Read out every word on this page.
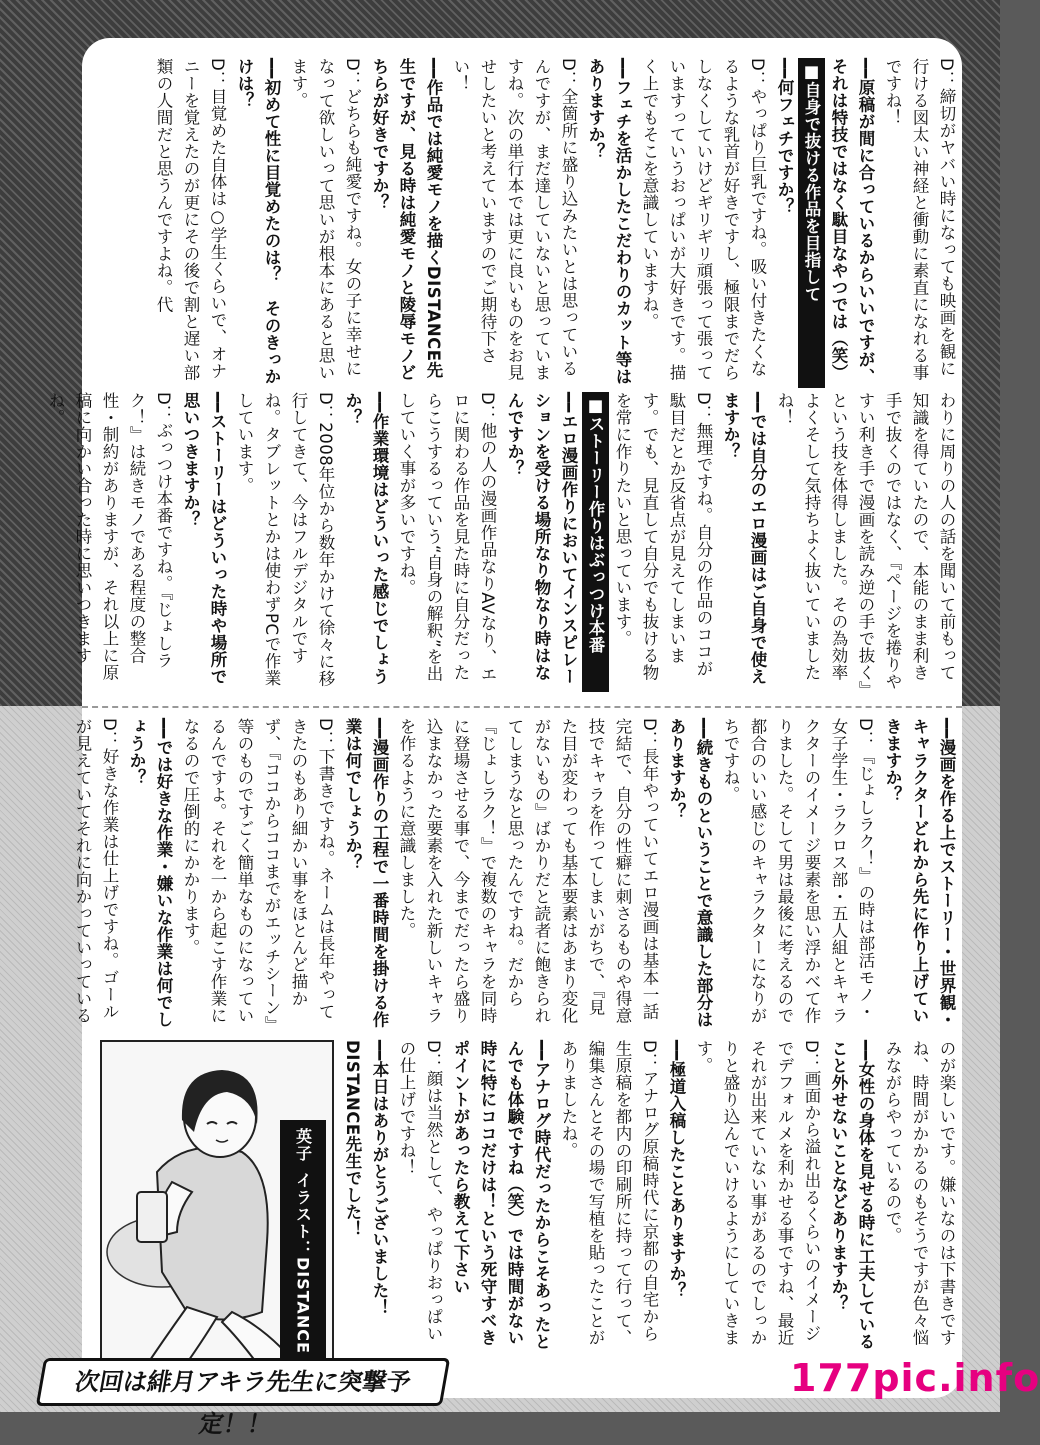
D：締切がヤバい時になっても映画を観に行ける図太い神経と衝動に素直になれる事ですね！

━━原稿が間に合っているからいいですが、それは特技ではなく駄目なやつでは（笑）

■自身で抜ける作品を目指して

━━何フェチですか？

D：やっぱり巨乳ですね。吸い付きたくなるような乳首が好きですし、極限までだらしなくしていけどギリギリ頑張って張っていますっていうおっぱいが大好きです。描く上でもそこを意識していますね。

━━フェチを活かしたこだわりのカット等はありますか？

D：全箇所に盛り込みたいとは思っているんですが、まだ達していないと思っていますね。次の単行本では更に良いものをお見せしたいと考えていますのでご期待下さい！

━━作品では純愛モノを描くDISTANCE先生ですが、見る時は純愛モノと陵辱モノどちらが好きですか？

D：どちらも純愛ですね。女の子に幸せになって欲しいって思いが根本にあると思います。

━━初めて性に目覚めたのは？　そのきっかけは？

D：目覚めた自体は○学生くらいで、オナニーを覚えたのが更にその後で割と遅い部類の人間だと思うんですよね。代

わりに周りの人の話を聞いて前もって知識を得ていたので、本能のまま利き手で抜くのではなく、『ページを捲りやすい利き手で漫画を読み逆の手で抜く』という技を体得しました。その為効率よくそして気持ちよく抜いていましたね！

━━では自分のエロ漫画はご自身で使えますか？

D：無理ですね。自分の作品のココが駄目だとか反省点が見えてしまいます。でも、見直して自分でも抜ける物を常に作りたいと思っています。

■ストーリー作りはぶっつけ本番

━━エロ漫画作りにおいてインスピレーションを受ける場所なり物なり時はなんですか？

D：他の人の漫画作品なりAVなり、エロに関わる作品を見た時に自分だったらこうするっていう“自身の解釈”を出していく事が多いですね。

━━作業環境はどういった感じでしょうか？

D：2008年位から数年かけて徐々に移行してきて、今はフルデジタルですね。タブレットとかは使わずPCで作業しています。

━━ストーリーはどういった時や場所で思いつきますか？

D：ぶっつけ本番ですね。『じょしラク！』は続きモノである程度の整合性・制約がありますが、それ以上に原稿に向かい合った時に思いつきますね。

━━漫画を作る上でストーリー・世界観・キャラクターどれから先に作り上げていきますか？

D：『じょしラク！』の時は部活モノ・女子学生・ラクロス部・五人組とキャラクターのイメージ要素を思い浮かべて作りました。そして男は最後に考えるので都合のいい感じのキャラクターになりがちですね。

━━続きものということで意識した部分はありますか？

D：長年やっていてエロ漫画は基本一話完結で、自分の性癖に刺さるものや得意技でキャラを作ってしまいがちで、『見た目が変わっても基本要素はあまり変化がないもの』ばかりだと読者に飽きられてしまうなと思ったんですね。だから『じょしラク！』で複数のキャラを同時に登場させる事で、今までだったら盛り込まなかった要素を入れた新しいキャラを作るように意識しました。

━━漫画作りの工程で一番時間を掛ける作業は何でしょうか？

D：下書きですね。ネームは長年やってきたのもあり細かい事をほとんど描かず、『ココからココまでがエッチシーン』等のものですごく簡単なものになっているんですよ。それを一から起こす作業になるので圧倒的にかかります。

━━では好きな作業・嫌いな作業は何でしょうか？

D：好きな作業は仕上げですね。ゴールが見えていてそれに向かっていっている

のが楽しいです。嫌いなのは下書きですね、時間がかかるのもそうですが色々悩みながらやっているので。

━━女性の身体を見せる時に工夫していること外せないことなどありますか？

D：画面から溢れ出るくらいのイメージでデフォルメを利かせる事ですね、最近それが出来ていない事があるのでしっかりと盛り込んでいけるようにしていきます。

━━極道入稿したことありますか？

D：アナログ原稿時代に京都の自宅から生原稿を都内の印刷所に持って行って、編集さんとその場で写植を貼ったことがありましたね。

━━アナログ時代だったからこそあったとんでも体験ですね（笑）では時間がない時に特にココだけは！という死守すべきポイントがあったら教えて下さい

D：顔は当然として、やっぱりおっぱいの仕上げですね！

━━本日はありがとうございました！DISTANCE先生でした！

英子
イラスト：DISTANCE
次回は緋月アキラ先生に突撃予定！！
177pic.info
